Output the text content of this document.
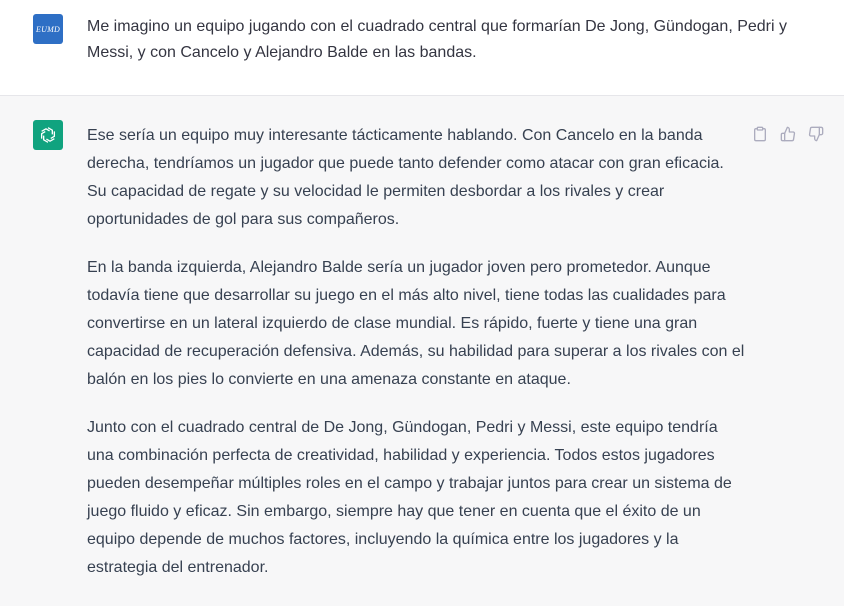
EUMD Me imagino un equipo jugando con el cuadrado central que formarían De Jong, Gündogan, Pedri y Messi, y con Cancelo y Alejandro Balde en las bandas.

Ese sería un equipo muy interesante tácticamente hablando. Con Cancelo en la banda derecha, tendríamos un jugador que puede tanto defender como atacar con gran eficacia. Su capacidad de regate y su velocidad le permiten desbordar a los rivales y crear oportunidades de gol para sus compañeros.

En la banda izquierda, Alejandro Balde sería un jugador joven pero prometedor. Aunque todavía tiene que desarrollar su juego en el más alto nivel, tiene todas las cualidades para convertirse en un lateral izquierdo de clase mundial. Es rápido, fuerte y tiene una gran capacidad de recuperación defensiva. Además, su habilidad para superar a los rivales con el balón en los pies lo convierte en una amenaza constante en ataque.

Junto con el cuadrado central de De Jong, Gündogan, Pedri y Messi, este equipo tendría una combinación perfecta de creatividad, habilidad y experiencia. Todos estos jugadores pueden desempeñar múltiples roles en el campo y trabajar juntos para crear un sistema de juego fluido y eficaz. Sin embargo, siempre hay que tener en cuenta que el éxito de un equipo depende de muchos factores, incluyendo la química entre los jugadores y la estrategia del entrenador.
